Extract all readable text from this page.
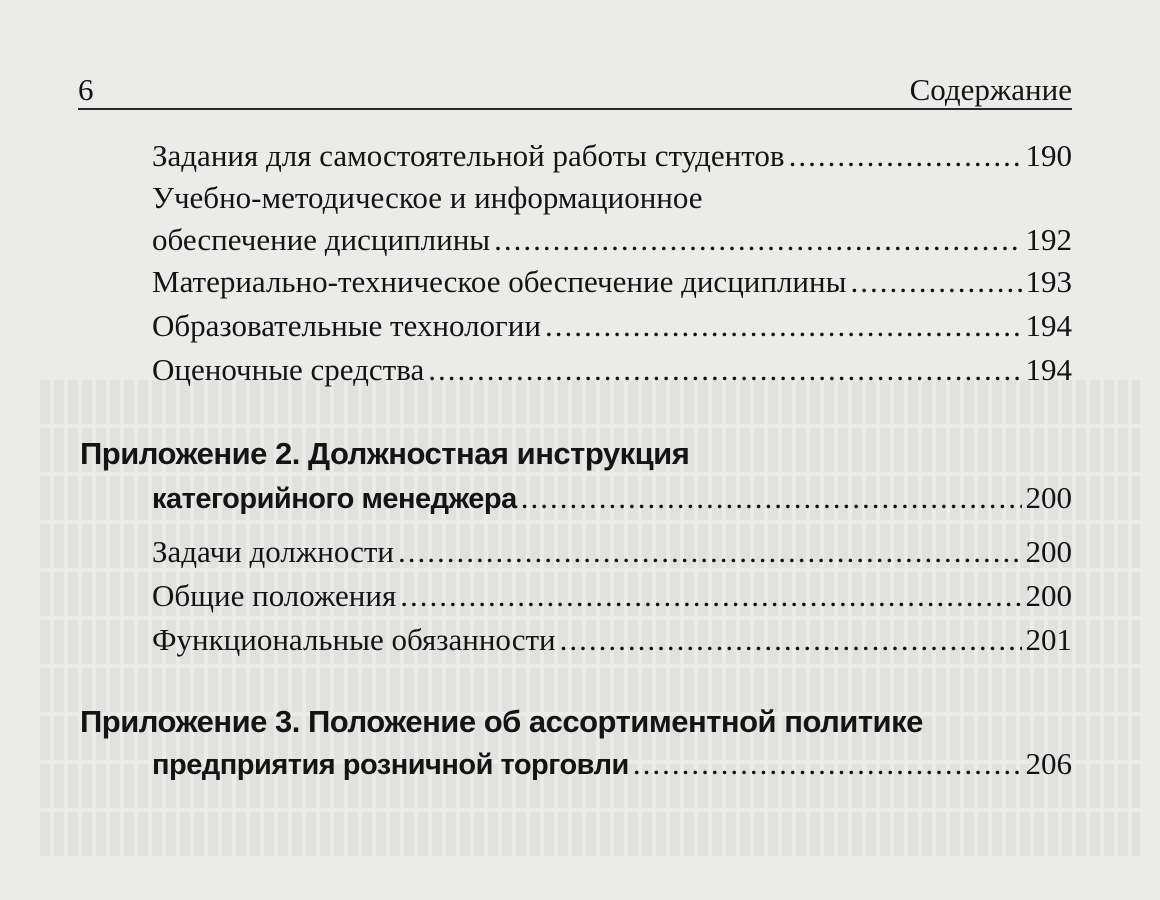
6	Содержание
Задания для самостоятельной работы студентов .....	190
Учебно-методическое и информационное
обеспечение дисциплины .....	192
Материально-техническое обеспечение дисциплины .....	193
Образовательные технологии .....	194
Оценочные средства .....	194
Приложение 2. Должностная инструкция
категорийного менеджера .....	200
Задачи должности .....	200
Общие положения .....	200
Функциональные обязанности .....	201
Приложение 3. Положение об ассортиментной политике
предприятия розничной торговли .....	206
